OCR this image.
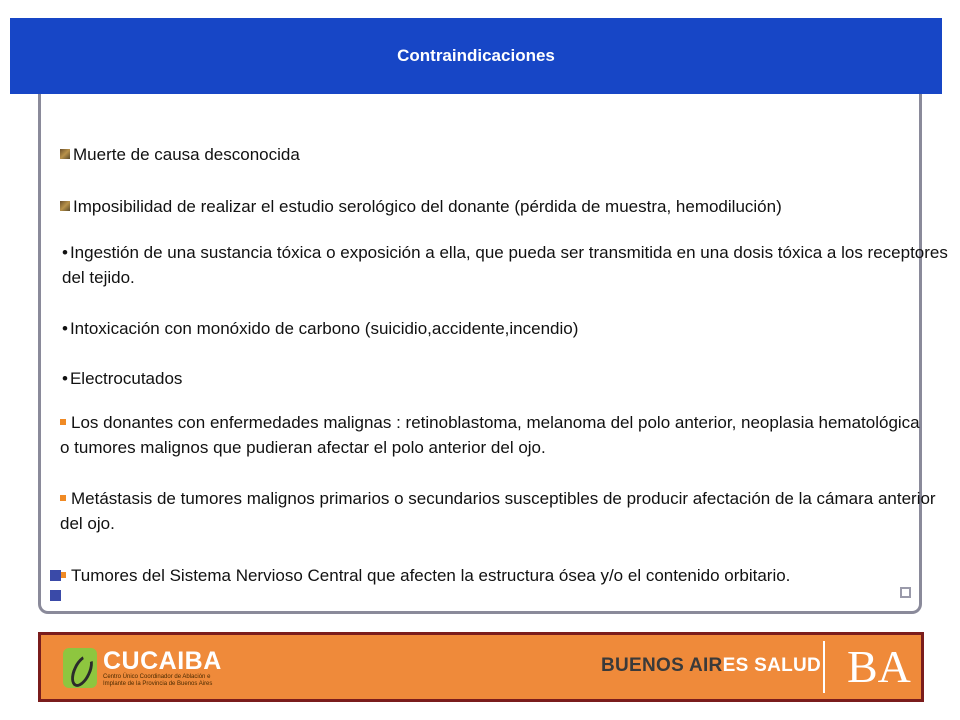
Contraindicaciones
Muerte de causa desconocida
Imposibilidad de realizar el estudio serológico del donante (pérdida de muestra, hemodilución)
• Ingestión de una sustancia tóxica o exposición a ella, que pueda ser transmitida en una dosis tóxica a los receptores del tejido.
• Intoxicación con monóxido de carbono (suicidio,accidente,incendio)
• Electrocutados
Los donantes con enfermedades malignas : retinoblastoma, melanoma del polo anterior, neoplasia hematológica o tumores malignos que pudieran afectar el polo anterior del ojo.
Metástasis de tumores malignos primarios o secundarios susceptibles de producir afectación de la cámara anterior del ojo.
Tumores del Sistema Nervioso Central que afecten la estructura ósea y/o el contenido orbitario.
CUCAIBA
Centro Único Coordinador de Ablación e Implante de la Provincia de Buenos Aires
BUENOS AIRES SALUD BA
